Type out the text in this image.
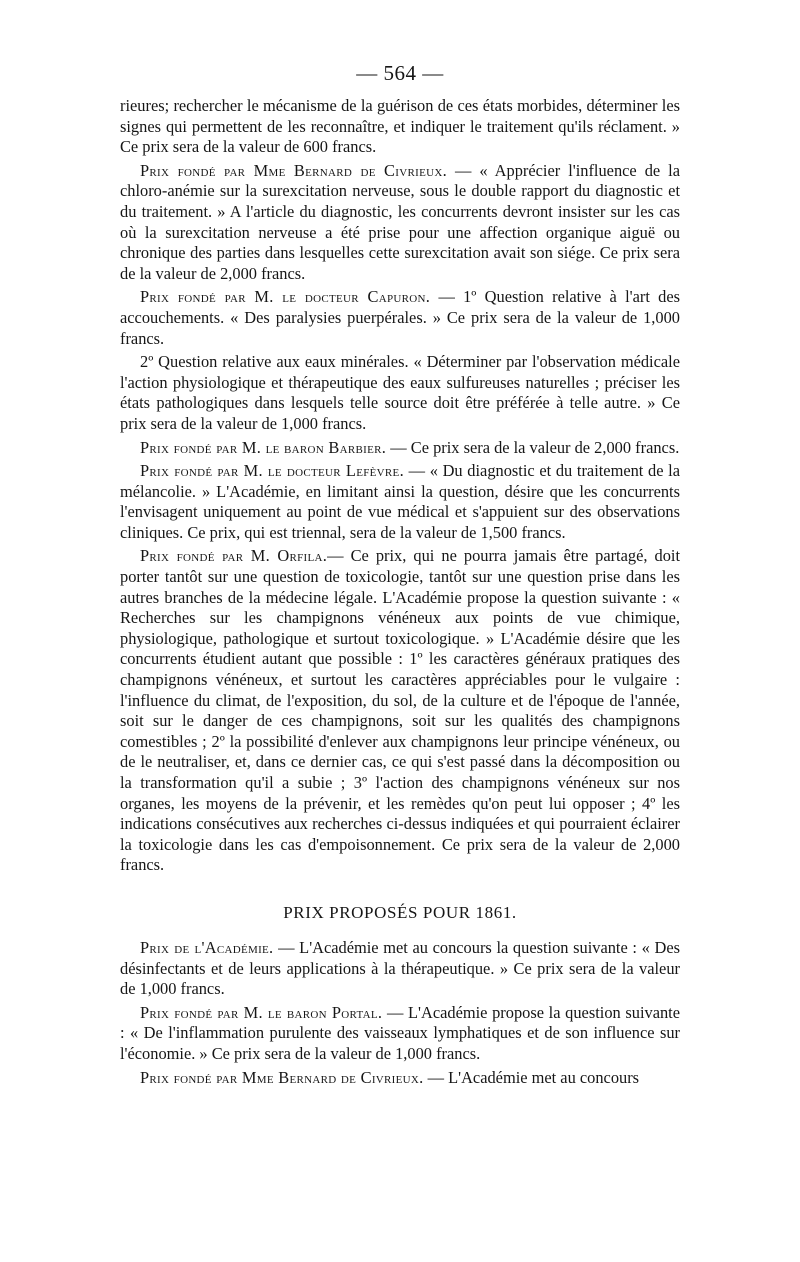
— 564 —

rieures; rechercher le mécanisme de la guérison de ces états morbides, déterminer les signes qui permettent de les reconnaître, et indiquer le traitement qu'ils réclament. » Ce prix sera de la valeur de 600 francs.

Prix fondé par Mme Bernard de Civrieux. — « Apprécier l'influence de la chloro-anémie sur la surexcitation nerveuse, sous le double rapport du diagnostic et du traitement. » A l'article du diagnostic, les concurrents devront insister sur les cas où la surexcitation nerveuse a été prise pour une affection organique aiguë ou chronique des parties dans lesquelles cette surexcitation avait son siége. Ce prix sera de la valeur de 2,000 francs.

Prix fondé par M. le docteur Capuron. — 1º Question relative à l'art des accouchements. « Des paralysies puerpérales. » Ce prix sera de la valeur de 1,000 francs.

2º Question relative aux eaux minérales. « Déterminer par l'observation médicale l'action physiologique et thérapeutique des eaux sulfureuses naturelles ; préciser les états pathologiques dans lesquels telle source doit être préférée à telle autre. » Ce prix sera de la valeur de 1,000 francs.

Prix fondé par M. le baron Barbier. — Ce prix sera de la valeur de 2,000 francs.

Prix fondé par M. le docteur Lefèvre. — « Du diagnostic et du traitement de la mélancolie. » L'Académie, en limitant ainsi la question, désire que les concurrents l'envisagent uniquement au point de vue médical et s'appuient sur des observations cliniques. Ce prix, qui est triennal, sera de la valeur de 1,500 francs.

Prix fondé par M. Orfila.— Ce prix, qui ne pourra jamais être partagé, doit porter tantôt sur une question de toxicologie, tantôt sur une question prise dans les autres branches de la médecine légale. L'Académie propose la question suivante : « Recherches sur les champignons vénéneux aux points de vue chimique, physiologique, pathologique et surtout toxicologique. » L'Académie désire que les concurrents étudient autant que possible : 1º les caractères généraux pratiques des champignons vénéneux, et surtout les caractères appréciables pour le vulgaire : l'influence du climat, de l'exposition, du sol, de la culture et de l'époque de l'année, soit sur le danger de ces champignons, soit sur les qualités des champignons comestibles ; 2º la possibilité d'enlever aux champignons leur principe vénéneux, ou de le neutraliser, et, dans ce dernier cas, ce qui s'est passé dans la décomposition ou la transformation qu'il a subie ; 3º l'action des champignons vénéneux sur nos organes, les moyens de la prévenir, et les remèdes qu'on peut lui opposer ; 4º les indications consécutives aux recherches ci-dessus indiquées et qui pourraient éclairer la toxicologie dans les cas d'empoisonnement. Ce prix sera de la valeur de 2,000 francs.

PRIX PROPOSÉS POUR 1861.

Prix de l'Académie. — L'Académie met au concours la question suivante : « Des désinfectants et de leurs applications à la thérapeutique. » Ce prix sera de la valeur de 1,000 francs.

Prix fondé par M. le baron Portal. — L'Académie propose la question suivante : « De l'inflammation purulente des vaisseaux lymphatiques et de son influence sur l'économie. » Ce prix sera de la valeur de 1,000 francs.

Prix fondé par Mme Bernard de Civrieux. — L'Académie met au concours
